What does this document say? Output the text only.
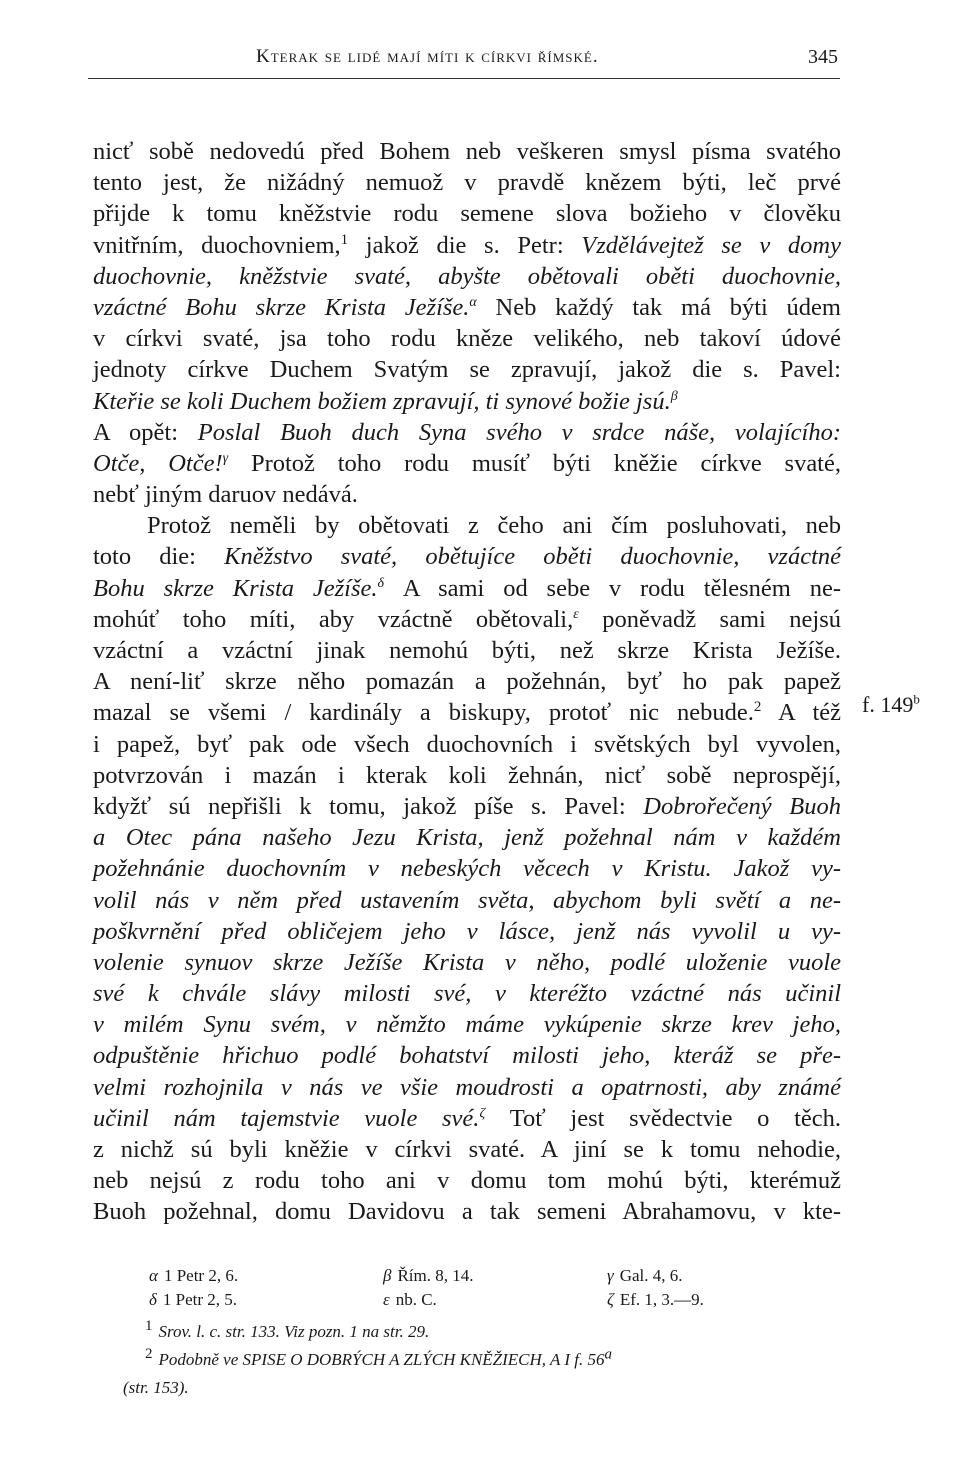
Kterak se lidé mají míti k církvi římské.	345
f. 149$^b$
nicť sobě nedovedú před Bohem neb veškeren smysl písma svatého
tento jest, že nižádný nemuož v pravdě knězem býti, leč prvé
přijde k tomu kněžstvie rodu semene slova božieho v člověku
vnitřním, duochovniem,$^1$ jakož die s. Petr: Vzdělávejtež se v domy
duochovnie, kněžstvie svaté, abyšte obětovali oběti duochovnie,
vzáctné Bohu skrze Krista Ježíše.$^\alpha$ Neb každý tak má býti údem
v církvi svaté, jsa toho rodu kněze velikého, neb takoví údové
jednoty církve Duchem Svatým se zpravují, jakož die s. Pavel:
Kteřie se koli Duchem božiem zpravují, ti synové božie jsú.$^\beta$
A opět: Poslal Buoh duch Syna svého v srdce náše, volajícího:
Otče, Otče!$^\gamma$ Protož toho rodu musíť býti kněžie církve svaté,
nebť jiným daruov nedává.
Protož neměli by obětovati z čeho ani čím posluhovati, neb
toto die: Kněžstvo svaté, obětujíce oběti duochovnie, vzáctné
Bohu skrze Krista Ježíše.$^\delta$ A sami od sebe v rodu tělesném ne-
mohúť toho míti, aby vzáctně obětovali,$^\varepsilon$ poněvadž sami nejsú
vzáctní a vzáctní jinak nemohú býti, než skrze Krista Ježíše.
A není-liť skrze něho pomazán a požehnán, byť ho pak papež
mazal se všemi / kardinály a biskupy, protoť nic nebude.$^2$ A též
i papež, byť pak ode všech duochovních i světských byl vyvolen,
potvrzován i mazán i kterak koli žehnán, nicť sobě neprospějí,
kdyžť sú nepřišli k tomu, jakož píše s. Pavel: Dobrořečený Buoh
a Otec pána našeho Jezu Krista, jenž požehnal nám v každém
požehnánie duochovním v nebeských věcech v Kristu. Jakož vy-
volil nás v něm před ustavením světa, abychom byli světí a ne-
poškvrnění před obličejem jeho v lásce, jenž nás vyvolil u vy-
volenie synuov skrze Ježíše Krista v něho, podlé uloženie vuole
své k chvále slávy milosti své, v kteréžto vzáctné nás učinil
v milém Synu svém, v němžto máme vykúpenie skrze krev jeho,
odpuštěnie hřichuo podlé bohatství milosti jeho, kteráž se pře-
velmi rozhojnila v nás ve všie moudrosti a opatrnosti, aby známé
učinil nám tajemstvie vuole své.$^\zeta$ Toť jest svědectvie o těch.
z nichž sú byli kněžie v církvi svaté. A jiní se k tomu nehodie,
neb nejsú z rodu toho ani v domu tom mohú býti, kterémuž
Buoh požehnal, domu Davidovu a tak semeni Abrahamovu, v kte-
α 1 Petr 2, 6.	β Řím. 8, 14.	γ Gal. 4, 6.
δ 1 Petr 2, 5.	ε nb. C.	ζ Ef. 1, 3.—9.
$^1$ Srov. l. c. str. 133. Viz pozn. 1 na str. 29.
$^2$ Podobně ve SPISE O DOBRÝCH A ZLÝCH KNĚŽIECH, A I f. 56$^a$
(str. 153).
